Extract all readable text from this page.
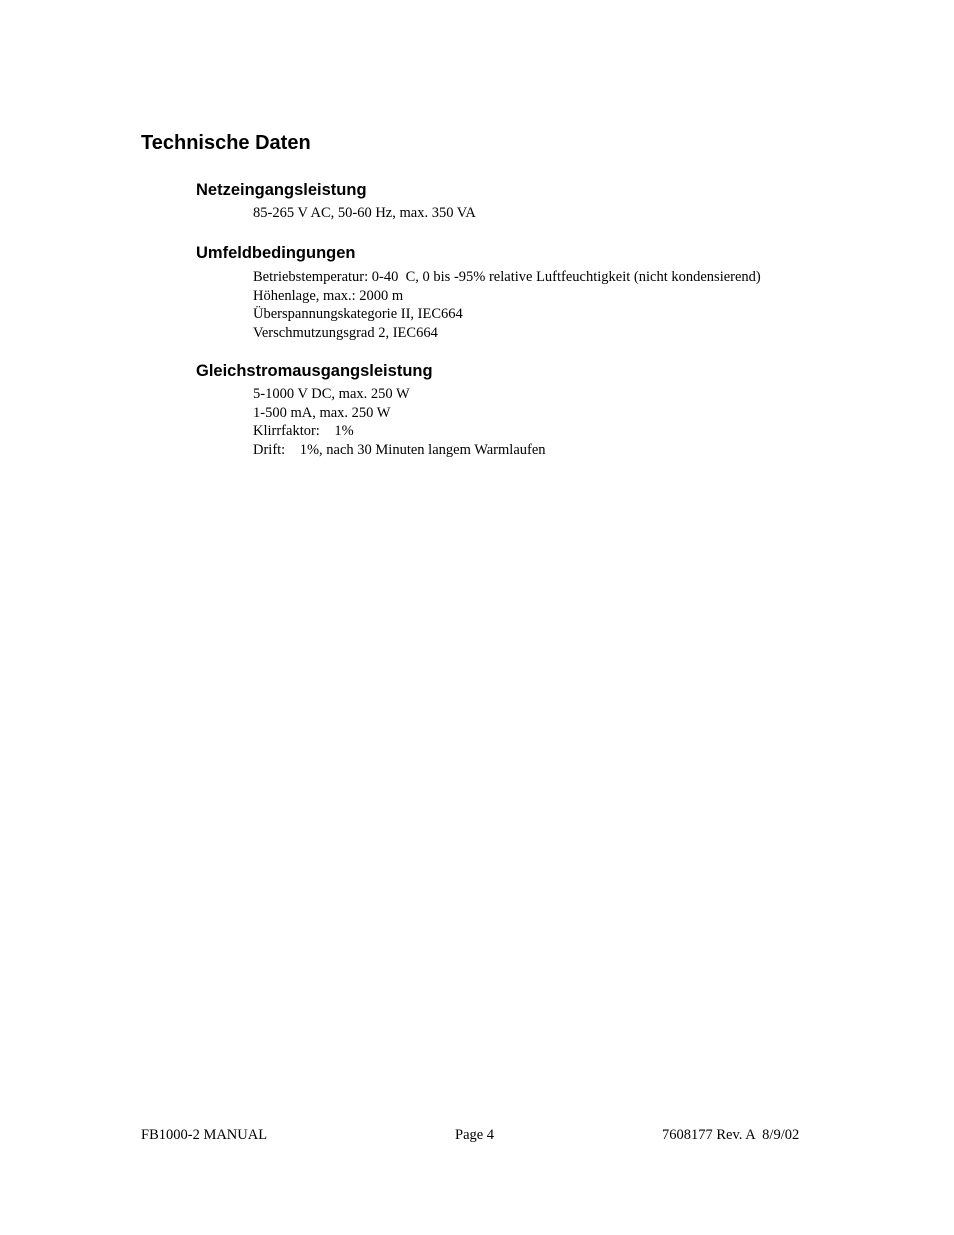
Technische Daten
Netzeingangsleistung
85-265 V AC, 50-60 Hz, max. 350 VA
Umfeldbedingungen
Betriebstemperatur: 0-40  C, 0 bis -95% relative Luftfeuchtigkeit (nicht kondensierend)
Höhenlage, max.: 2000 m
Überspannungskategorie II, IEC664
Verschmutzungsgrad 2, IEC664
Gleichstromausgangsleistung
5-1000 V DC, max. 250 W
1-500 mA, max. 250 W
Klirrfaktor:    1%
Drift:    1%, nach 30 Minuten langem Warmlaufen
FB1000-2 MANUAL	Page 4	7608177 Rev. A  8/9/02
